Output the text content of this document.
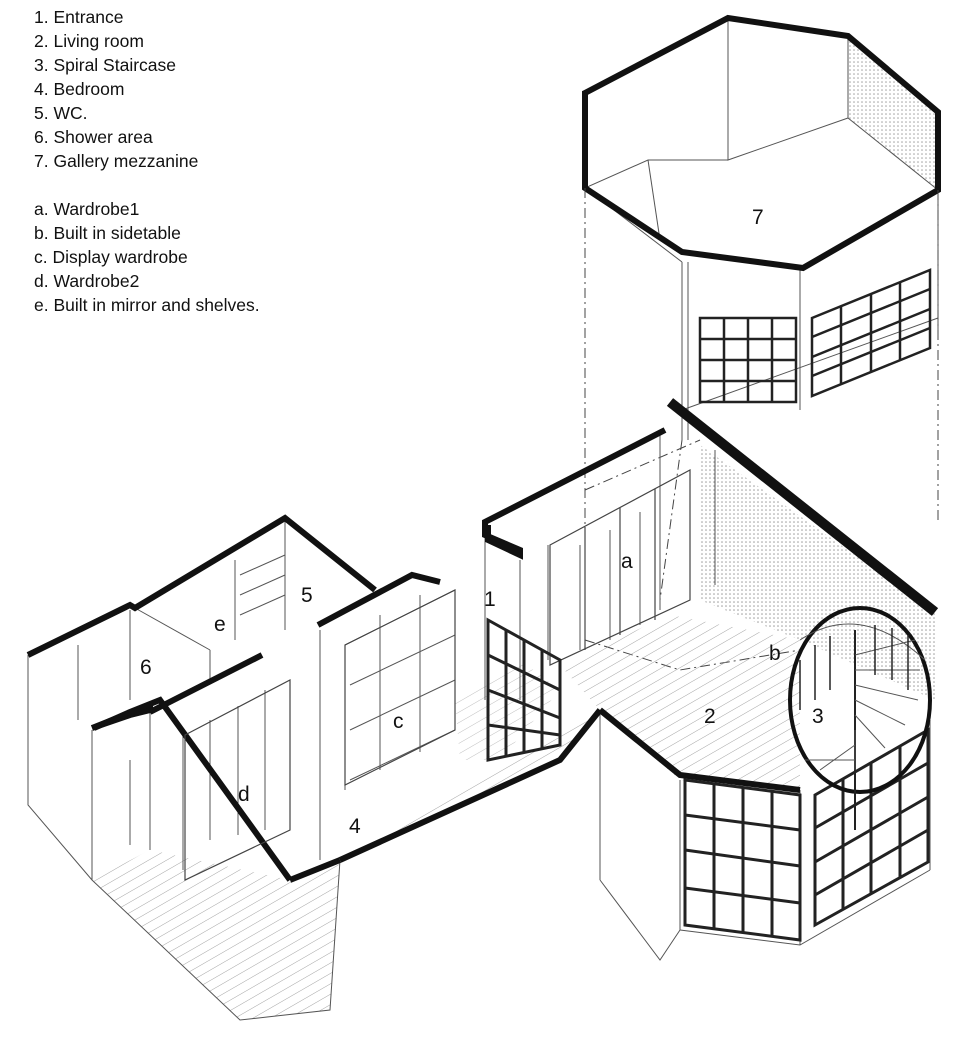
1. Entrance
2. Living room
3. Spiral Staircase
4. Bedroom
5. WC.
6. Shower area
7. Gallery mezzanine
a. Wardrobe1
b. Built in sidetable
c. Display wardrobe
d. Wardrobe2
e. Built in mirror and shelves.
1
2	3
4
5
6
7
a
b
c
d
e
